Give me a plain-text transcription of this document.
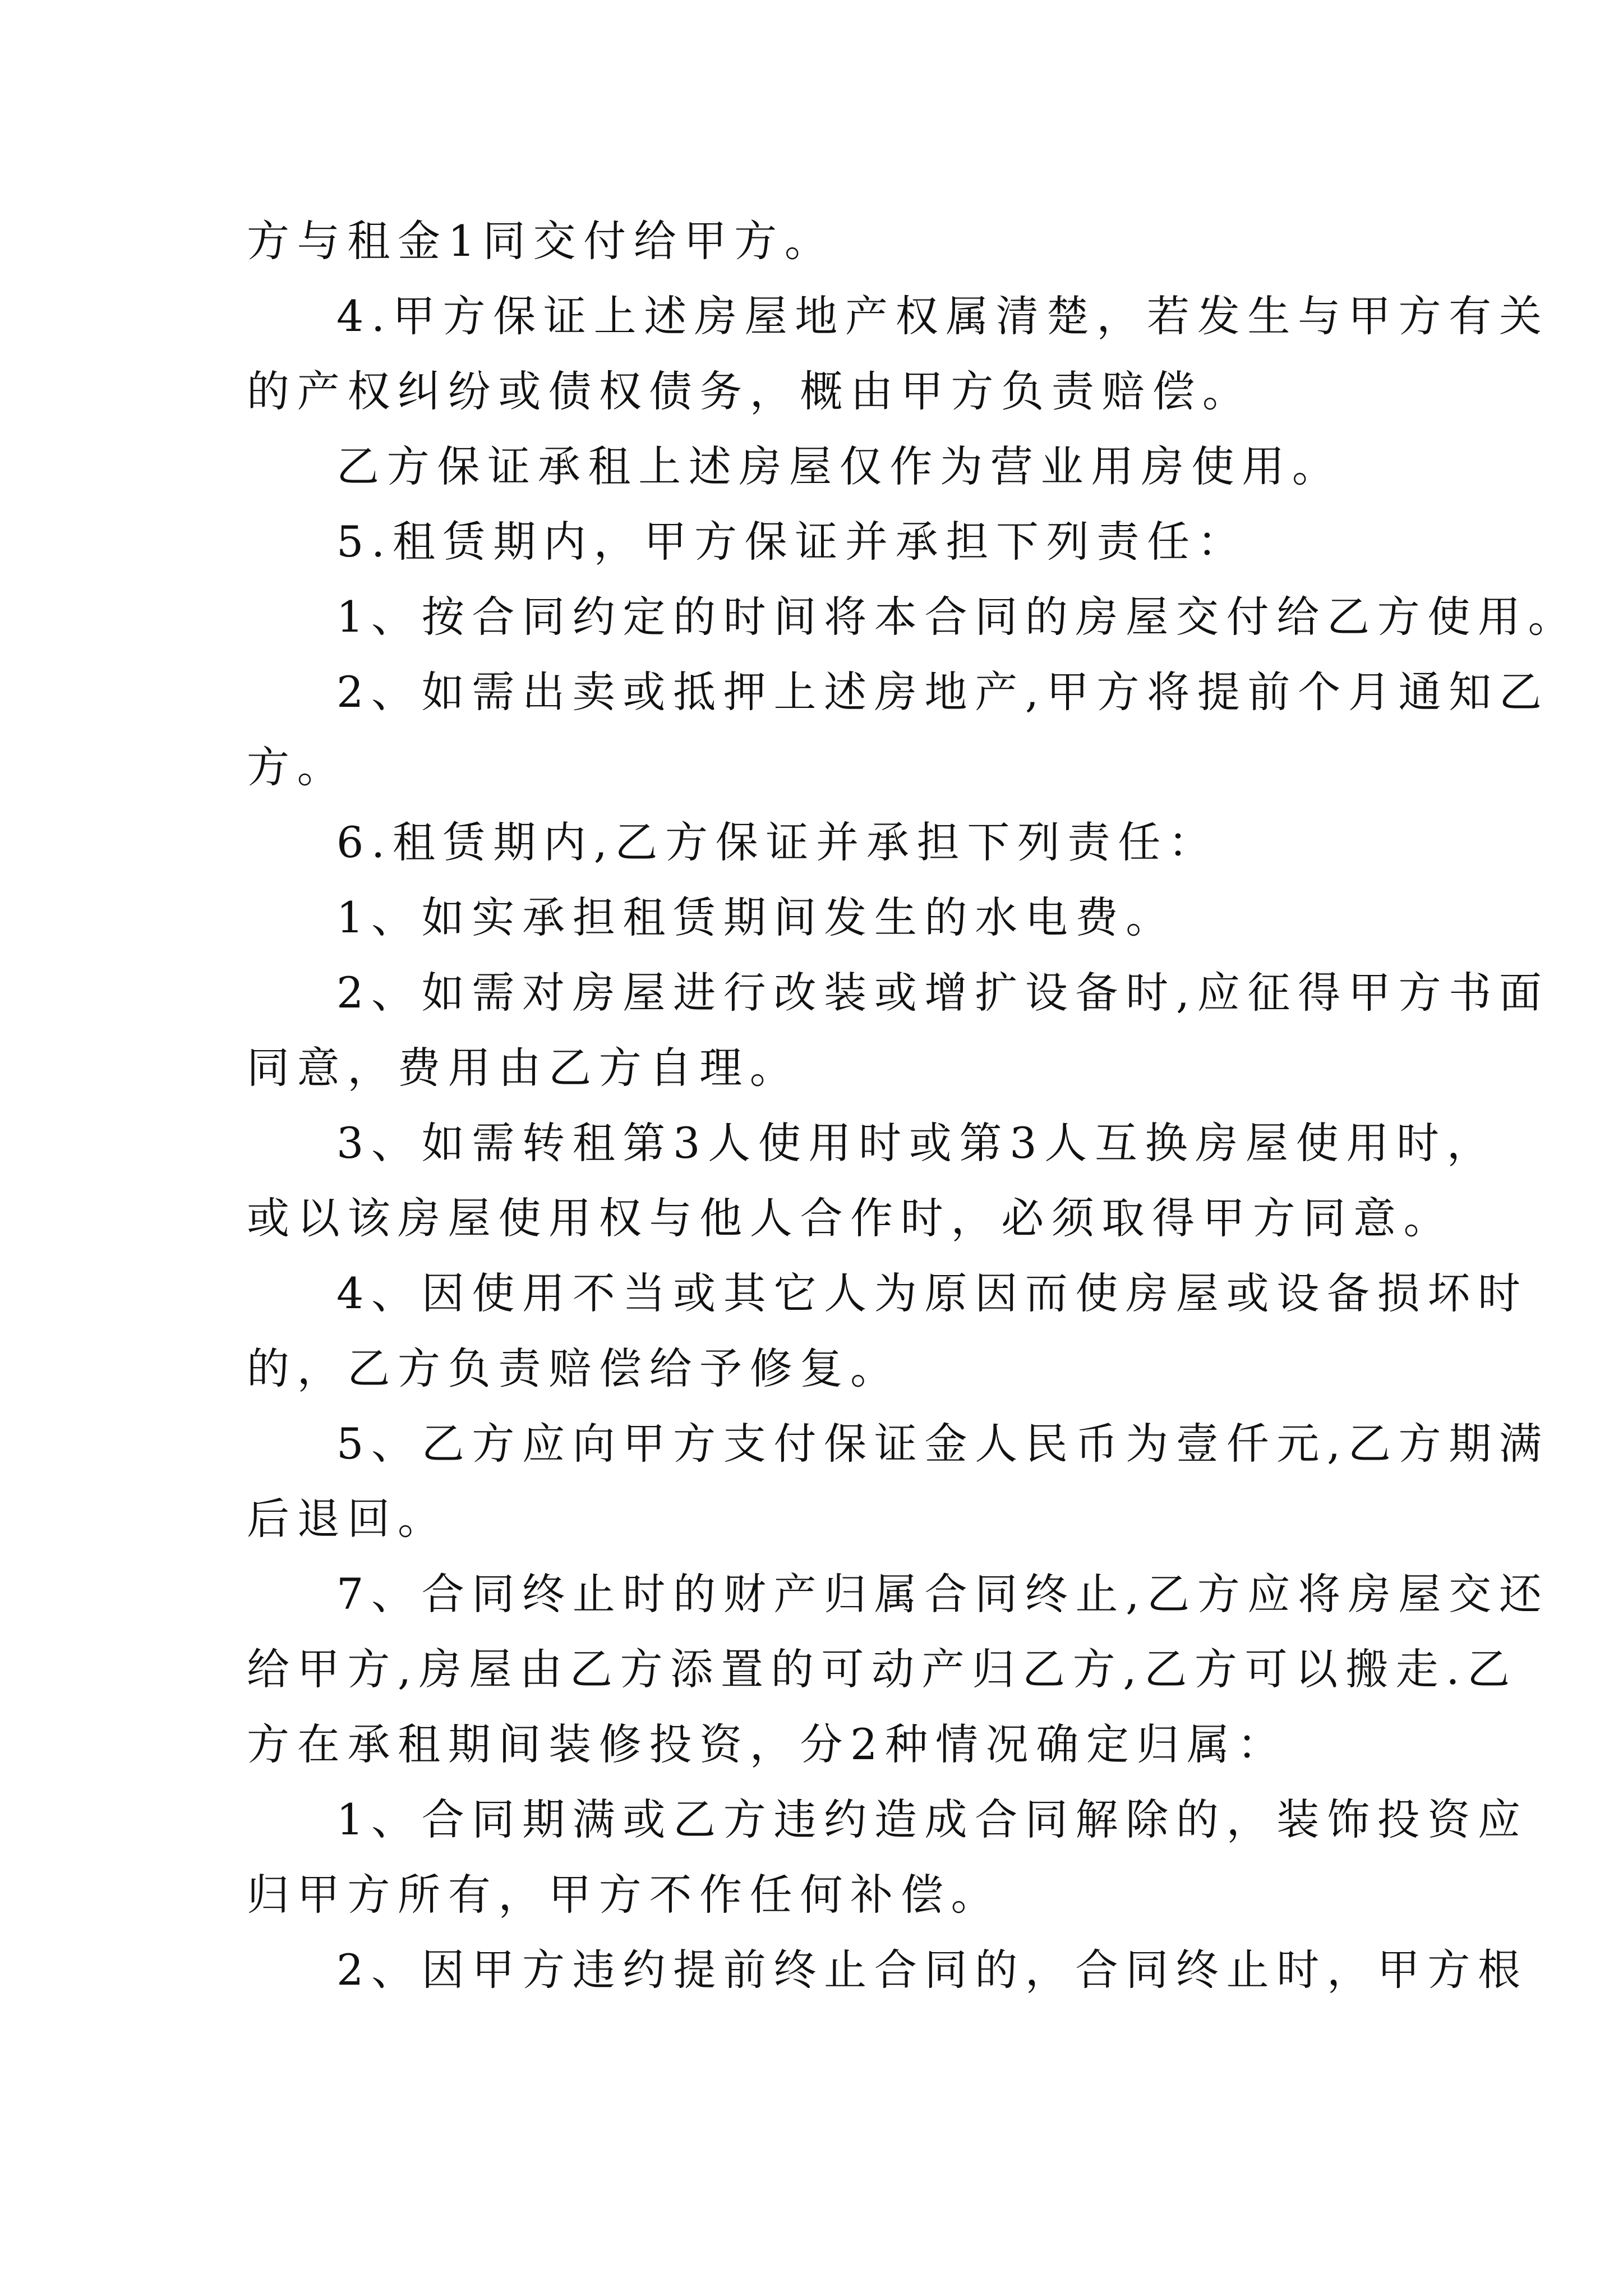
方与租金1同交付给甲方。
4.甲方保证上述房屋地产权属清楚，若发生与甲方有关
的产权纠纷或债权债务，概由甲方负责赔偿。
乙方保证承租上述房屋仅作为营业用房使用。
5.租赁期内，甲方保证并承担下列责任：
1、按合同约定的时间将本合同的房屋交付给乙方使用。
2、如需出卖或抵押上述房地产,甲方将提前个月通知乙
方。
6.租赁期内,乙方保证并承担下列责任：
1、如实承担租赁期间发生的水电费。
2、如需对房屋进行改装或增扩设备时,应征得甲方书面
同意，费用由乙方自理。
3、如需转租第3人使用时或第3人互换房屋使用时，
或以该房屋使用权与他人合作时，必须取得甲方同意。
4、因使用不当或其它人为原因而使房屋或设备损坏时
的，乙方负责赔偿给予修复。
5、乙方应向甲方支付保证金人民币为壹仟元,乙方期满
后退回。
7、合同终止时的财产归属合同终止,乙方应将房屋交还
给甲方,房屋由乙方添置的可动产归乙方,乙方可以搬走.乙
方在承租期间装修投资，分2种情况确定归属：
1、合同期满或乙方违约造成合同解除的，装饰投资应
归甲方所有，甲方不作任何补偿。
2、因甲方违约提前终止合同的，合同终止时，甲方根
